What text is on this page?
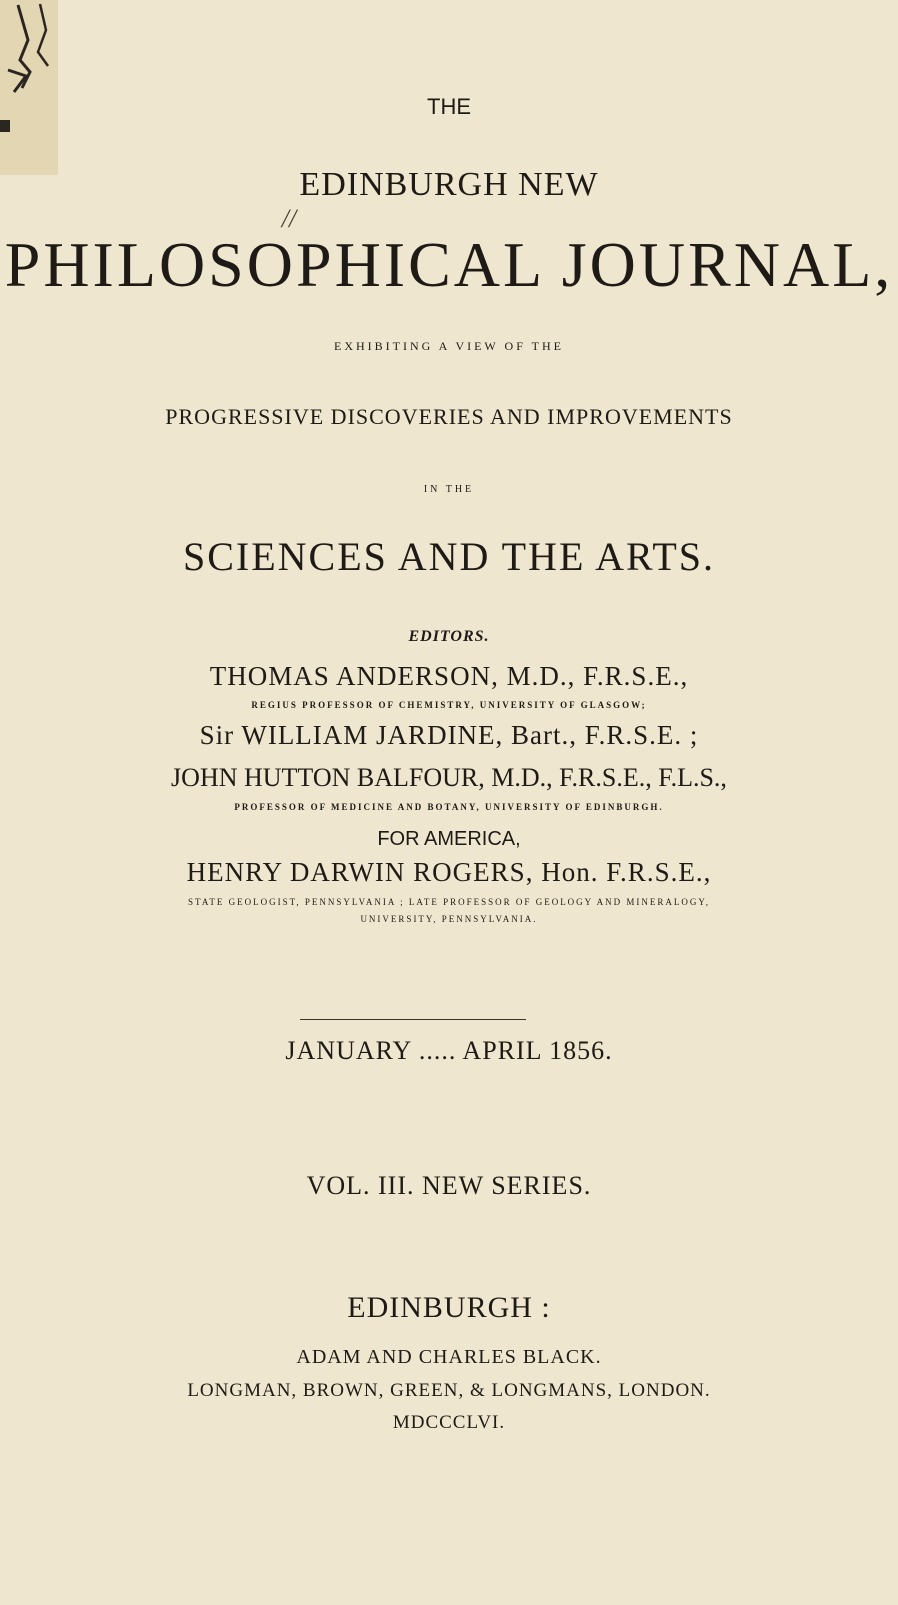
THE
EDINBURGH NEW
//
PHILOSOPHICAL JOURNAL,
EXHIBITING A VIEW OF THE
PROGRESSIVE DISCOVERIES AND IMPROVEMENTS
IN THE
SCIENCES AND THE ARTS.
EDITORS.
THOMAS ANDERSON, M.D., F.R.S.E.,
REGIUS PROFESSOR OF CHEMISTRY, UNIVERSITY OF GLASGOW;
Sir WILLIAM JARDINE, Bart., F.R.S.E. ;
JOHN HUTTON BALFOUR, M.D., F.R.S.E., F.L.S.,
PROFESSOR OF MEDICINE AND BOTANY, UNIVERSITY OF EDINBURGH.
FOR AMERICA,
HENRY DARWIN ROGERS, Hon. F.R.S.E.,
STATE GEOLOGIST, PENNSYLVANIA ; LATE PROFESSOR OF GEOLOGY AND MINERALOGY,
UNIVERSITY, PENNSYLVANIA.
JANUARY ..... APRIL 1856.
VOL. III. NEW SERIES.
EDINBURGH :
ADAM AND CHARLES BLACK.
LONGMAN, BROWN, GREEN, & LONGMANS, LONDON.
MDCCCLVI.
